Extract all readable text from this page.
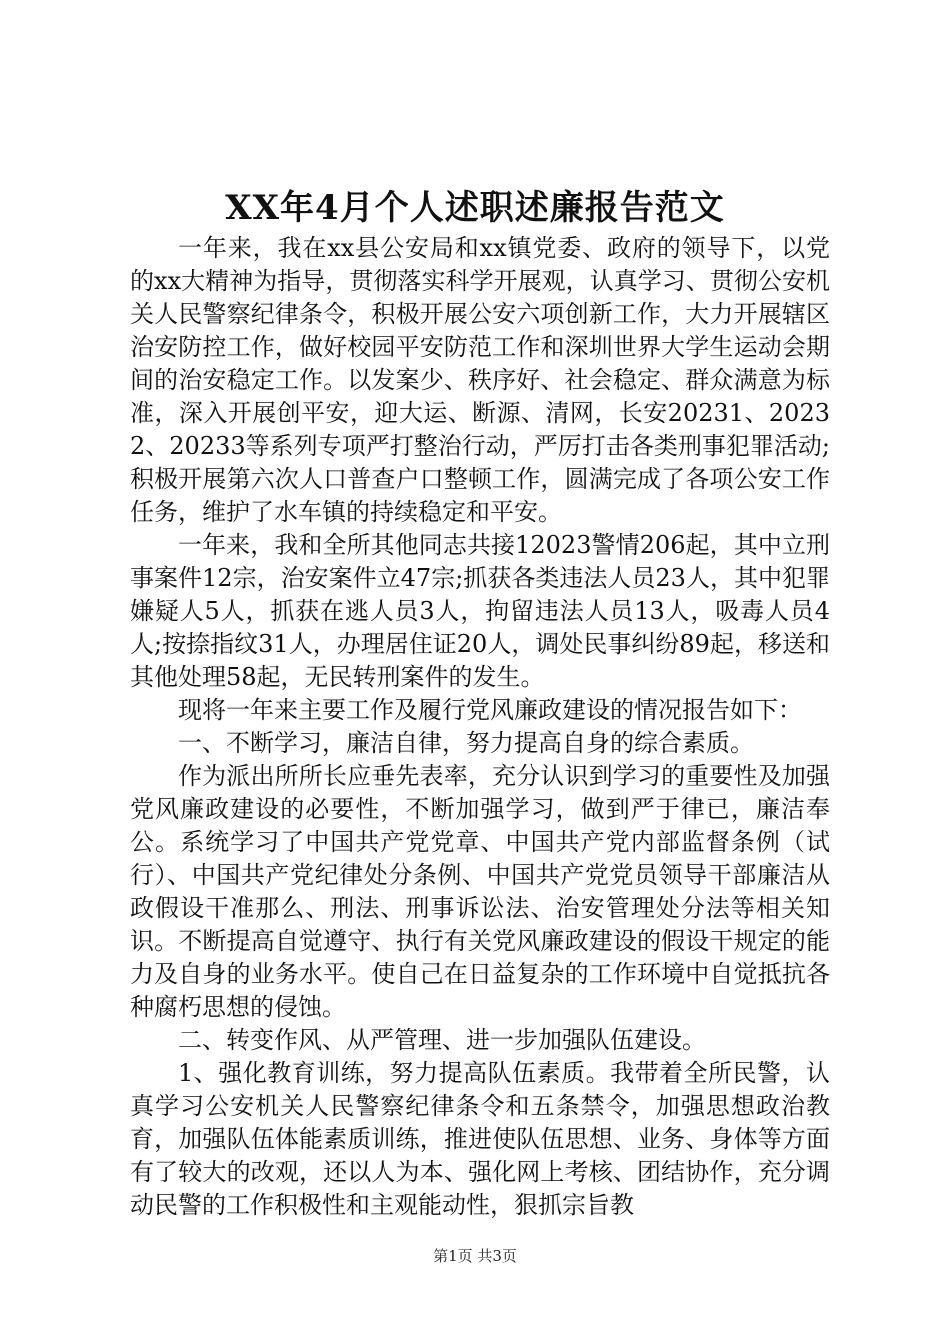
XX年4月个人述职述廉报告范文

一年来，我在xx县公安局和xx镇党委、政府的领导下，以党的xx大精神为指导，贯彻落实科学开展观，认真学习、贯彻公安机关人民警察纪律条令，积极开展公安六项创新工作，大力开展辖区治安防控工作，做好校园平安防范工作和深圳世界大学生运动会期间的治安稳定工作。以发案少、秩序好、社会稳定、群众满意为标准，深入开展创平安，迎大运、断源、清网，长安20231、20232、20233等系列专项严打整治行动，严厉打击各类刑事犯罪活动;积极开展第六次人口普查户口整顿工作，圆满完成了各项公安工作任务，维护了水车镇的持续稳定和平安。

一年来，我和全所其他同志共接12023警情206起，其中立刑事案件12宗，治安案件立47宗;抓获各类违法人员23人，其中犯罪嫌疑人5人，抓获在逃人员3人，拘留违法人员13人，吸毒人员4人;按捺指纹31人，办理居住证20人，调处民事纠纷89起，移送和其他处理58起，无民转刑案件的发生。

现将一年来主要工作及履行党风廉政建设的情况报告如下：

一、不断学习，廉洁自律，努力提高自身的综合素质。

作为派出所所长应垂先表率，充分认识到学习的重要性及加强党风廉政建设的必要性，不断加强学习，做到严于律已，廉洁奉公。系统学习了中国共产党党章、中国共产党内部监督条例（试行）、中国共产党纪律处分条例、中国共产党党员领导干部廉洁从政假设干准那么、刑法、刑事诉讼法、治安管理处分法等相关知识。不断提高自觉遵守、执行有关党风廉政建设的假设干规定的能力及自身的业务水平。使自己在日益复杂的工作环境中自觉抵抗各种腐朽思想的侵蚀。

二、转变作风、从严管理、进一步加强队伍建设。

1、强化教育训练，努力提高队伍素质。我带着全所民警，认真学习公安机关人民警察纪律条令和五条禁令，加强思想政治教育，加强队伍体能素质训练，推进使队伍思想、业务、身体等方面有了较大的改观，还以人为本、强化网上考核、团结协作，充分调动民警的工作积极性和主观能动性，狠抓宗旨教

第1页 共3页
